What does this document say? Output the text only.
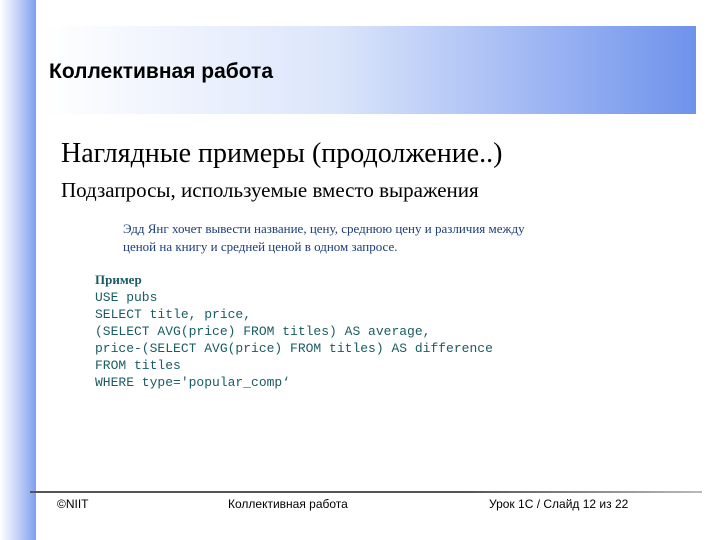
Коллективная работа
Наглядные примеры (продолжение..)
Подзапросы, используемые вместо выражения

Эдд Янг хочет вывести название, цену, среднюю цену и различия между ценой на книгу и средней ценой в одном запросе.

Пример
USE pubs
SELECT title, price,
(SELECT AVG(price) FROM titles) AS average,
price-(SELECT AVG(price) FROM titles) AS difference
FROM titles
WHERE type='popular_comp‘
©NIIT	Коллективная работа	Урок 1C / Слайд 12 из 22
